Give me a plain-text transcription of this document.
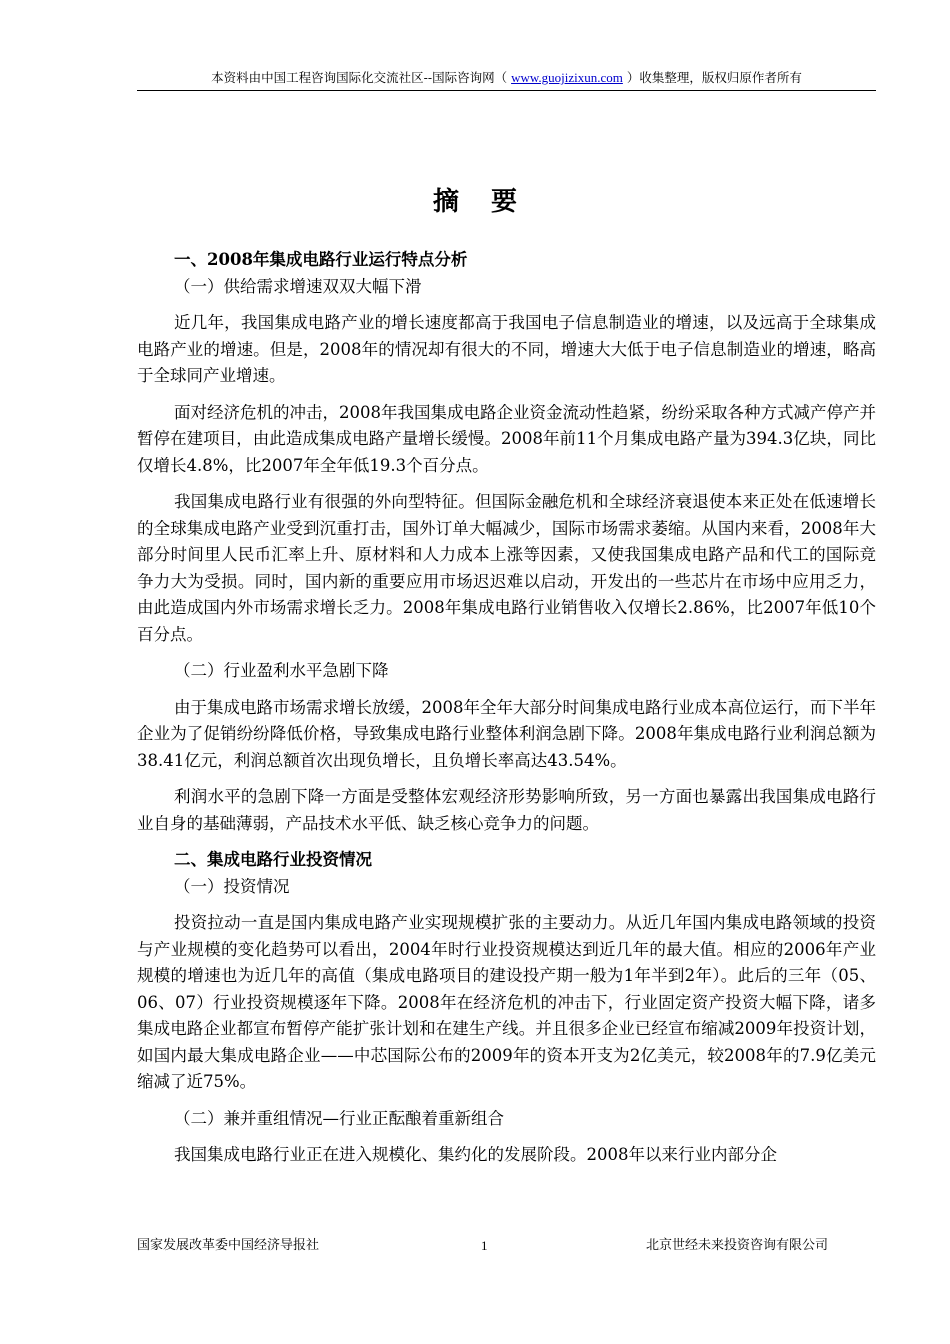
本资料由中国工程咨询国际化交流社区--国际咨询网（ www.guojizixun.com ）收集整理，版权归原作者所有
摘要

一、2008年集成电路行业运行特点分析

（一）供给需求增速双双大幅下滑

近几年，我国集成电路产业的增长速度都高于我国电子信息制造业的增速，以及远高于全球集成电路产业的增速。但是，2008年的情况却有很大的不同，增速大大低于电子信息制造业的增速，略高于全球同产业增速。

面对经济危机的冲击，2008年我国集成电路企业资金流动性趋紧，纷纷采取各种方式减产停产并暂停在建项目，由此造成集成电路产量增长缓慢。2008年前11个月集成电路产量为394.3亿块，同比仅增长4.8%，比2007年全年低19.3个百分点。

我国集成电路行业有很强的外向型特征。但国际金融危机和全球经济衰退使本来正处在低速增长的全球集成电路产业受到沉重打击，国外订单大幅减少，国际市场需求萎缩。从国内来看，2008年大部分时间里人民币汇率上升、原材料和人力成本上涨等因素，又使我国集成电路产品和代工的国际竞争力大为受损。同时，国内新的重要应用市场迟迟难以启动，开发出的一些芯片在市场中应用乏力，由此造成国内外市场需求增长乏力。2008年集成电路行业销售收入仅增长2.86%，比2007年低10个百分点。

（二）行业盈利水平急剧下降

由于集成电路市场需求增长放缓，2008年全年大部分时间集成电路行业成本高位运行，而下半年企业为了促销纷纷降低价格，导致集成电路行业整体利润急剧下降。2008年集成电路行业利润总额为38.41亿元，利润总额首次出现负增长，且负增长率高达43.54%。

利润水平的急剧下降一方面是受整体宏观经济形势影响所致，另一方面也暴露出我国集成电路行业自身的基础薄弱，产品技术水平低、缺乏核心竞争力的问题。

二、集成电路行业投资情况

（一）投资情况

投资拉动一直是国内集成电路产业实现规模扩张的主要动力。从近几年国内集成电路领域的投资与产业规模的变化趋势可以看出，2004年时行业投资规模达到近几年的最大值。相应的2006年产业规模的增速也为近几年的高值（集成电路项目的建设投产期一般为1年半到2年）。此后的三年（05、06、07）行业投资规模逐年下降。2008年在经济危机的冲击下，行业固定资产投资大幅下降，诸多集成电路企业都宣布暂停产能扩张计划和在建生产线。并且很多企业已经宣布缩减2009年投资计划，如国内最大集成电路企业——中芯国际公布的2009年的资本开支为2亿美元，较2008年的7.9亿美元缩减了近75%。

（二）兼并重组情况—行业正酝酿着重新组合

我国集成电路行业正在进入规模化、集约化的发展阶段。2008年以来行业内部分企

国家发展改革委中国经济导报社	1	北京世经未来投资咨询有限公司
